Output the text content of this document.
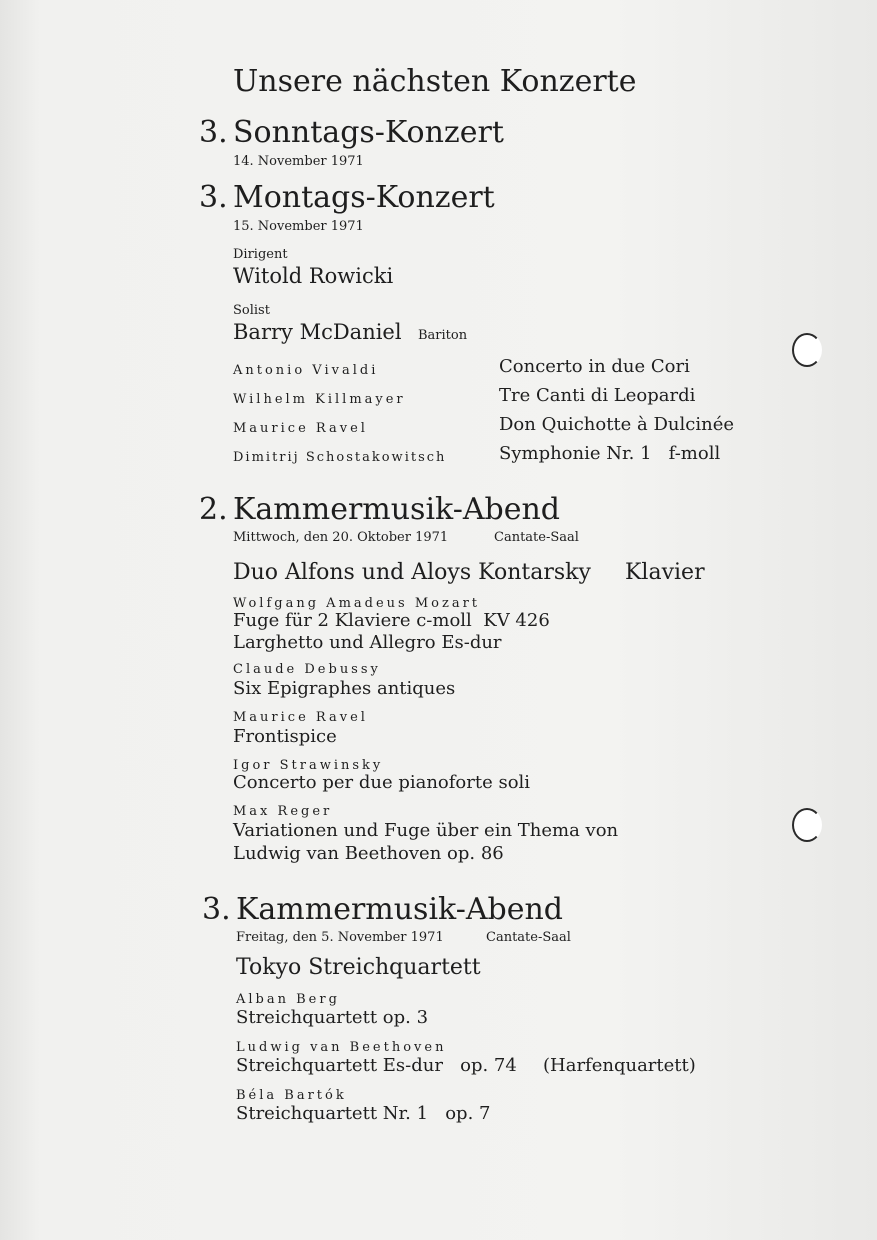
Unsere nächsten Konzerte
3. Sonntags-Konzert
14. November 1971
3. Montags-Konzert
15. November 1971
Dirigent
Witold Rowicki
Solist
Barry McDaniel Bariton
Antonio Vivaldi	Concerto in due Cori
Wilhelm Killmayer	Tre Canti di Leopardi
Maurice Ravel	Don Quichotte à Dulcinée
Dimitrij Schostakowitsch	Symphonie Nr. 1   f-moll
2. Kammermusik-Abend
Mittwoch, den 20. Oktober 1971	Cantate-Saal
Duo Alfons und Aloys Kontarsky Klavier
Wolfgang Amadeus Mozart
Fuge für 2 Klaviere c-moll  KV 426
Larghetto und Allegro Es-dur
Claude Debussy
Six Epigraphes antiques
Maurice Ravel
Frontispice
Igor Strawinsky
Concerto per due pianoforte soli
Max Reger
Variationen und Fuge über ein Thema von
Ludwig van Beethoven op. 86
3. Kammermusik-Abend
Freitag, den 5. November 1971	Cantate-Saal
Tokyo Streichquartett
Alban Berg
Streichquartett op. 3
Ludwig van Beethoven
Streichquartett Es-dur   op. 74 (Harfenquartett)
Béla Bartók
Streichquartett Nr. 1   op. 7
